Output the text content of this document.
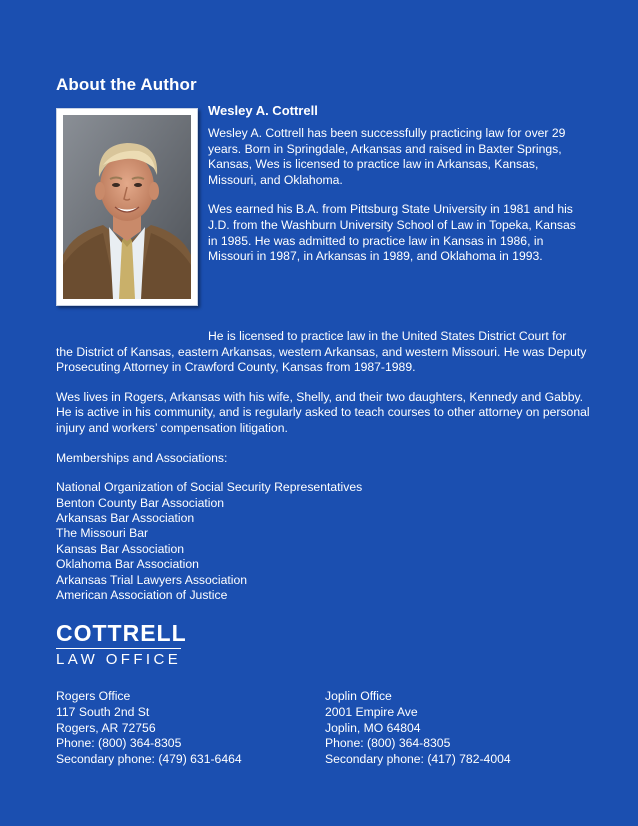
About the Author
Wesley A. Cottrell

Wesley A. Cottrell has been successfully practicing law for over 29 years. Born in Springdale, Arkansas and raised in Baxter Springs, Kansas, Wes is licensed to practice law in Arkansas, Kansas, Missouri, and Oklahoma.

Wes earned his B.A. from Pittsburg State University in 1981 and his J.D. from the Washburn University School of Law in Topeka, Kansas in 1985. He was admitted to practice law in Kansas in 1986, in Missouri in 1987, in Arkansas in 1989, and Oklahoma in 1993.

He is licensed to practice law in the United States District Court for
the District of Kansas, eastern Arkansas, western Arkansas, and western Missouri. He was Deputy Prosecuting Attorney in Crawford County, Kansas from 1987-1989.

Wes lives in Rogers, Arkansas with his wife, Shelly, and their two daughters, Kennedy and Gabby. He is active in his community, and is regularly asked to teach courses to other attorney on personal injury and workers’ compensation litigation.

Memberships and Associations:

National Organization of Social Security Representatives
Benton County Bar Association
Arkansas Bar Association
The Missouri Bar
Kansas Bar Association
Oklahoma Bar Association
Arkansas Trial Lawyers Association
American Association of Justice
COTTRELL
LAW OFFICE
Rogers Office
117 South 2nd St
Rogers, AR 72756
Phone: (800) 364-8305
Secondary phone: (479) 631-6464
Joplin Office
2001 Empire Ave
Joplin, MO 64804
Phone: (800) 364-8305
Secondary phone: (417) 782-4004
